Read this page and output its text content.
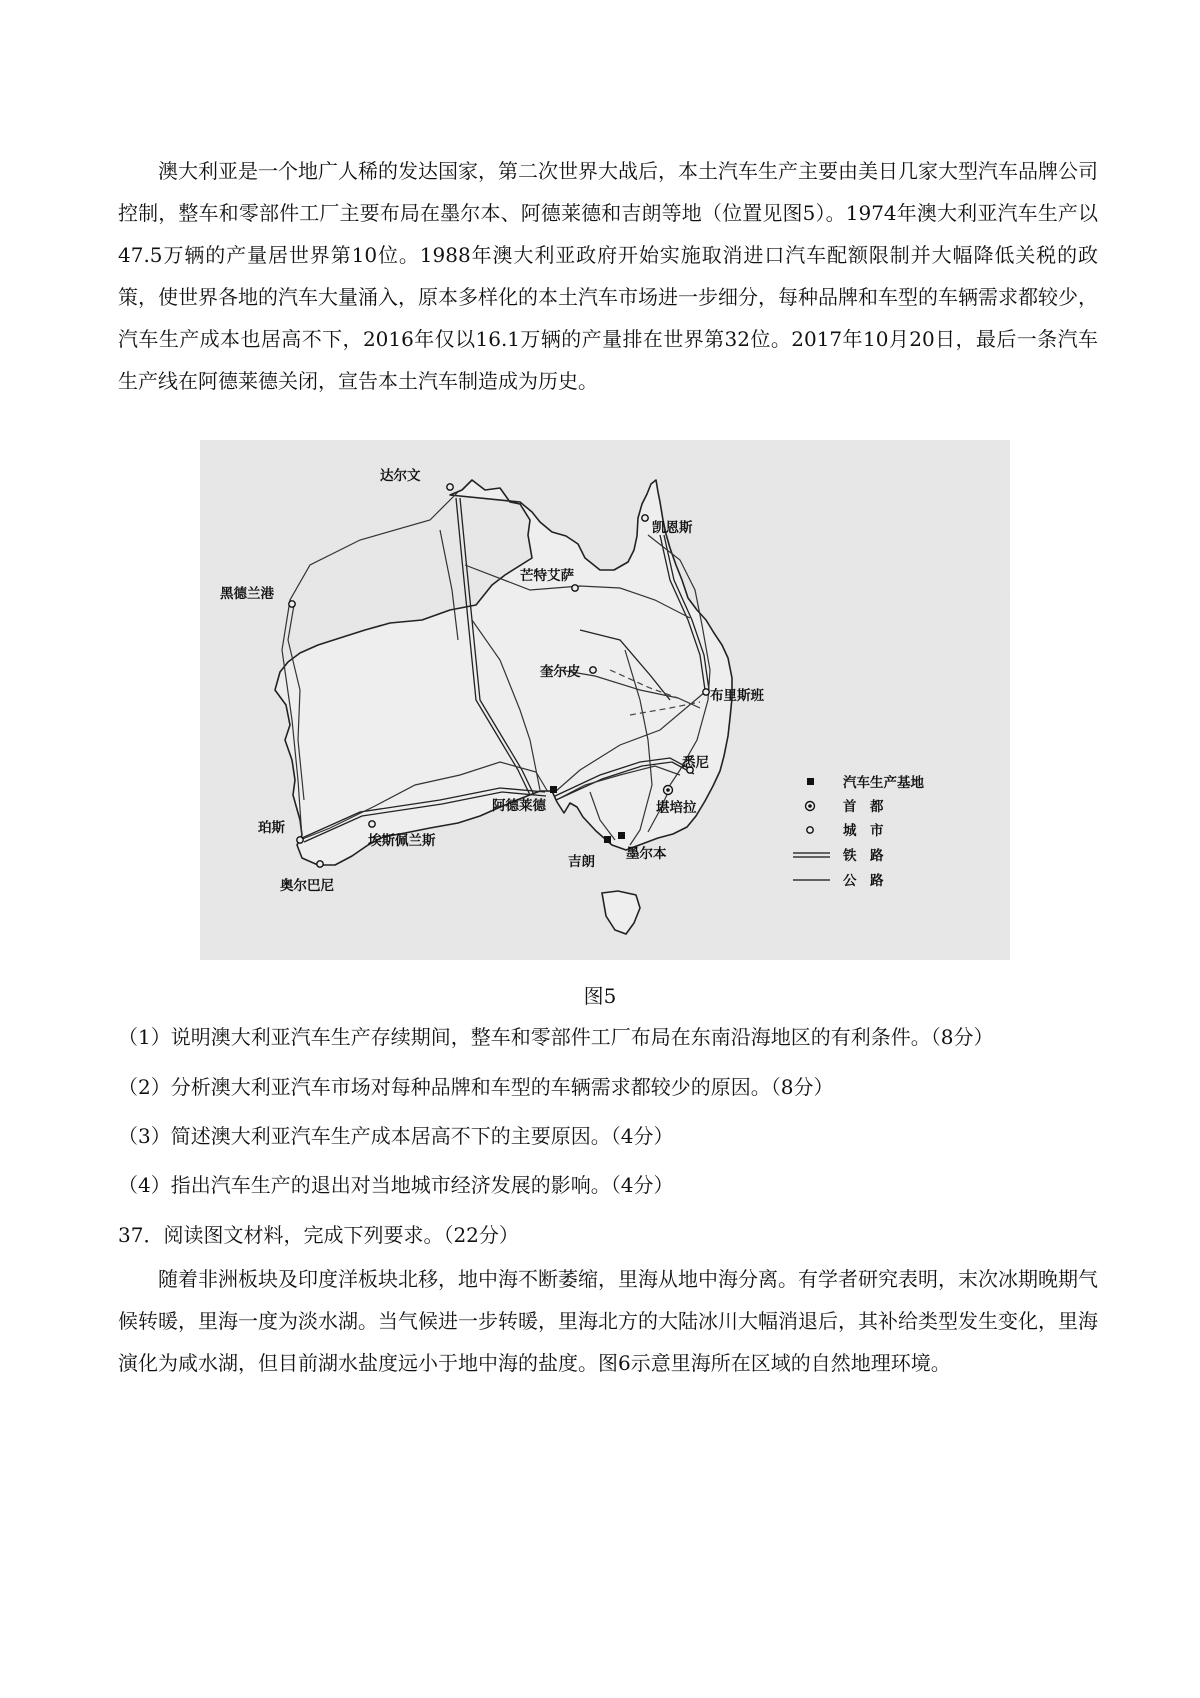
澳大利亚是一个地广人稀的发达国家，第二次世界大战后，本土汽车生产主要由美日几家大型汽车品牌公司控制，整车和零部件工厂主要布局在墨尔本、阿德莱德和吉朗等地（位置见图5）。1974年澳大利亚汽车生产以47.5万辆的产量居世界第10位。1988年澳大利亚政府开始实施取消进口汽车配额限制并大幅降低关税的政策，使世界各地的汽车大量涌入，原本多样化的本土汽车市场进一步细分，每种品牌和车型的车辆需求都较少，汽车生产成本也居高不下，2016年仅以16.1万辆的产量排在世界第32位。2017年10月20日，最后一条汽车生产线在阿德莱德关闭，宣告本土汽车制造成为历史。
达尔文
凯恩斯
黑德兰港
芒特艾萨
奎尔皮
布里斯班
珀斯
埃斯佩兰斯
奥尔巴尼
阿德莱德
悉尼
堪培拉
吉朗 墨尔本
汽车生产基地
首　都
城　市
铁　路
公　路
图5
（1）说明澳大利亚汽车生产存续期间，整车和零部件工厂布局在东南沿海地区的有利条件。（8分）
（2）分析澳大利亚汽车市场对每种品牌和车型的车辆需求都较少的原因。（8分）
（3）简述澳大利亚汽车生产成本居高不下的主要原因。（4分）
（4）指出汽车生产的退出对当地城市经济发展的影响。（4分）
37．阅读图文材料，完成下列要求。（22分）
随着非洲板块及印度洋板块北移，地中海不断萎缩，里海从地中海分离。有学者研究表明，末次冰期晚期气候转暖，里海一度为淡水湖。当气候进一步转暖，里海北方的大陆冰川大幅消退后，其补给类型发生变化，里海演化为咸水湖，但目前湖水盐度远小于地中海的盐度。图6示意里海所在区域的自然地理环境。
